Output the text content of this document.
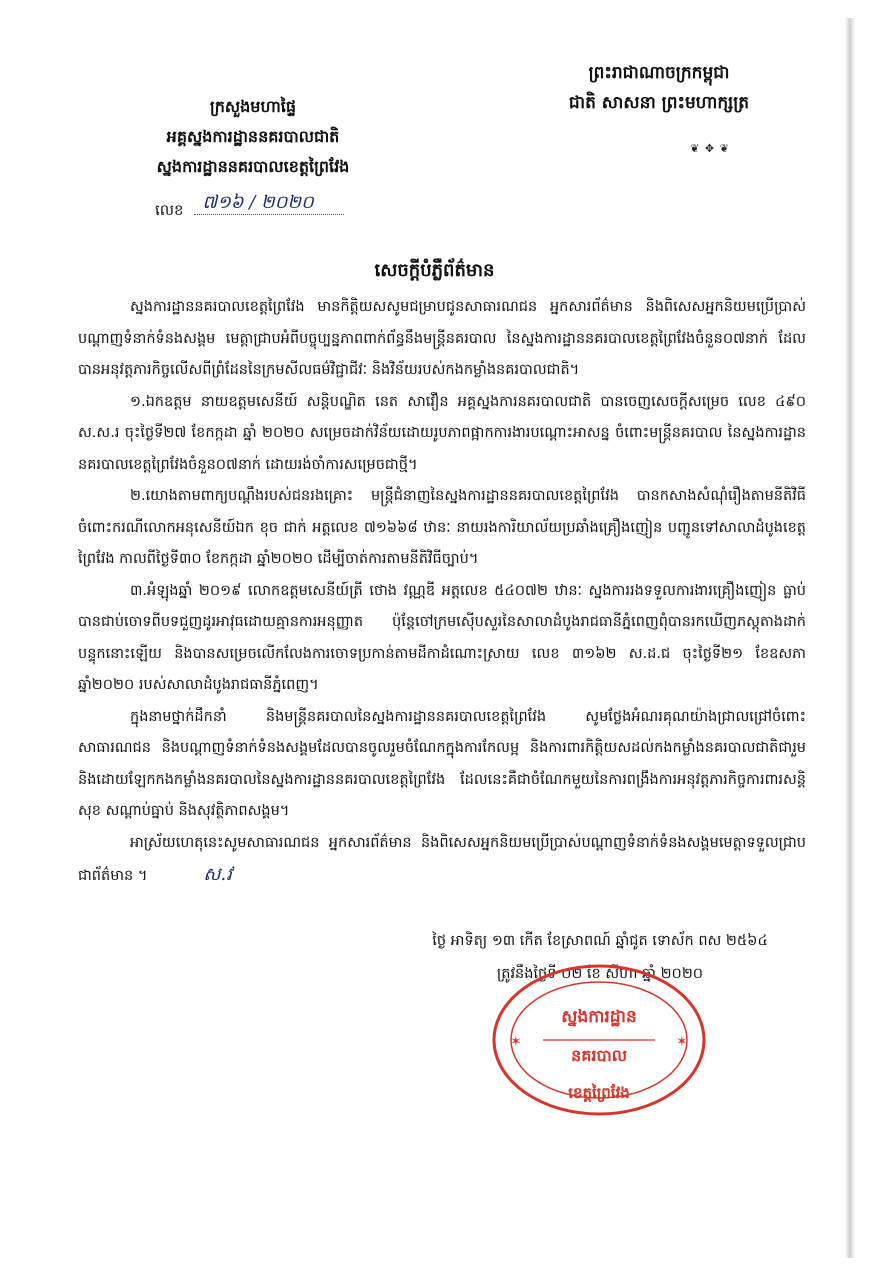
ព្រះរាជាណាចក្រកម្ពុជា
ជាតិ សាសនា ព្រះមហាក្សត្រ
❦ ✥ ❦
ក្រសួងមហាផ្ទៃ
អគ្គស្នងការដ្ឋាននគរបាលជាតិ
ស្នងការដ្ឋាននគរបាលខេត្តព្រៃវែង
លេខ ៧១៦ / ២០២០
សេចក្ដីបំភ្លឺព័ត៌មាន

ស្នងការដ្ឋាននគរបាលខេត្តព្រៃវែង មានកិត្តិយសសូមជម្រាបជូនសាធារណជន អ្នកសារព័ត៌មាន និងពិសេសអ្នកនិយមប្រើប្រាស់បណ្ដាញទំនាក់ទំនងសង្គម មេត្តាជ្រាបអំពីបច្ចុប្បន្នភាពពាក់ព័ន្ធនឹងមន្ត្រីនគរបាល នៃស្នងការដ្ឋាននគរបាលខេត្តព្រៃវែងចំនួន០៧នាក់ ដែលបានអនុវត្តភារកិច្ចលើសពីព្រំដែននៃក្រមសីលធម៌វិជ្ជាជីវៈ និងវិន័យរបស់កងកម្លាំងនគរបាលជាតិ។

១.ឯកឧត្តម នាយឧត្តមសេនីយ៍ សន្តិបណ្ឌិត នេត សាវឿន អគ្គស្នងការនគរបាលជាតិ បានចេញសេចក្ដីសម្រេច លេខ ៤៩០ ស.ស.រ ចុះថ្ងៃទី២៧ ខែកក្កដា ឆ្នាំ ២០២០ សម្រេចដាក់វិន័យដោយរូបភាពផ្អាកការងារបណ្ដោះអាសន្ន ចំពោះមន្ត្រីនគរបាល នៃស្នងការដ្ឋាននគរបាលខេត្តព្រៃវែងចំនួន០៧នាក់ ដោយរង់ចាំការសម្រេចជាថ្មី។

២.យោងតាមពាក្យបណ្ដឹងរបស់ជនរងគ្រោះ មន្ត្រីជំនាញនៃស្នងការដ្ឋាននគរបាលខេត្តព្រៃវែង បានកសាងសំណុំរឿងតាមនីតិវិធីចំពោះករណីលោកអនុសេនីយ៍ឯក ខុច ជាក់ អត្តលេខ ៧១៦៦៨ ឋានៈ នាយរងការិយាល័យប្រឆាំងគ្រឿងញៀន បញ្ជូនទៅសាលាដំបូងខេត្តព្រៃវែង កាលពីថ្ងៃទី៣០ ខែកក្កដា ឆ្នាំ២០២០ ដើម្បីចាត់ការតាមនីតិវិធីច្បាប់។

៣.អំឡុងឆ្នាំ ២០១៩ លោកឧត្តមសេនីយ៍ត្រី ថោង វណ្ណឌី អត្តលេខ ៥៤០៧២ ឋានៈ ស្នងការរងទទួលការងារគ្រឿងញៀន ធ្លាប់បានជាប់ចោទពីបទជួញដូរអាវុធដោយគ្មានការអនុញ្ញាត ប៉ុន្តែចៅក្រមស៊ើបសួរនៃសាលាដំបូងរាជធានីភ្នំពេញពុំបានរកឃើញភស្តុតាងដាក់បន្ទុកនោះឡើយ និងបានសម្រេចលើកលែងការចោទប្រកាន់តាមដីកាដំណោះស្រាយ លេខ ៣១៦២ ស.ដ.ជ ចុះថ្ងៃទី២១ ខែឧសភា ឆ្នាំ២០២០ របស់សាលាដំបូងរាជធានីភ្នំពេញ។

ក្នុងនាមថ្នាក់ដឹកនាំ និងមន្ត្រីនគរបាលនៃស្នងការដ្ឋាននគរបាលខេត្តព្រៃវែង សូមថ្លែងអំណរគុណយ៉ាងជ្រាលជ្រៅចំពោះសាធារណជន និងបណ្ដាញទំនាក់ទំនងសង្គមដែលបានចូលរួមចំណែកក្នុងការកែលម្អ និងការពារកិត្តិយសដល់កងកម្លាំងនគរបាលជាតិជារួម និងដោយឡែកកងកម្លាំងនគរបាលនៃស្នងការដ្ឋាននគរបាលខេត្តព្រៃវែង ដែលនេះគឺជាចំណែកមួយនៃការពង្រឹងការអនុវត្តភារកិច្ចការពារសន្តិសុខ សណ្ដាប់ធ្នាប់ និងសុវត្ថិភាពសង្គម។

អាស្រ័យហេតុនេះសូមសាធារណជន អ្នកសារព័ត៌មាន និងពិសេសអ្នកនិយមប្រើប្រាស់បណ្ដាញទំនាក់ទំនងសង្គមមេត្តាទទួលជ្រាបជាព័ត៌មាន ។	ស.វ

ថ្ងៃ អាទិត្យ ១៣ កើត ខែស្រាពណ៍ ឆ្នាំជូត ទោស័ក ពស ២៥៦៤
ត្រូវនឹងថ្ងៃទី ០២ ខែ សីហា ឆ្នាំ ២០២០
ស្នងការដ្ឋាន
នគរបាល
ខេត្តព្រៃវែង
✶	✶
